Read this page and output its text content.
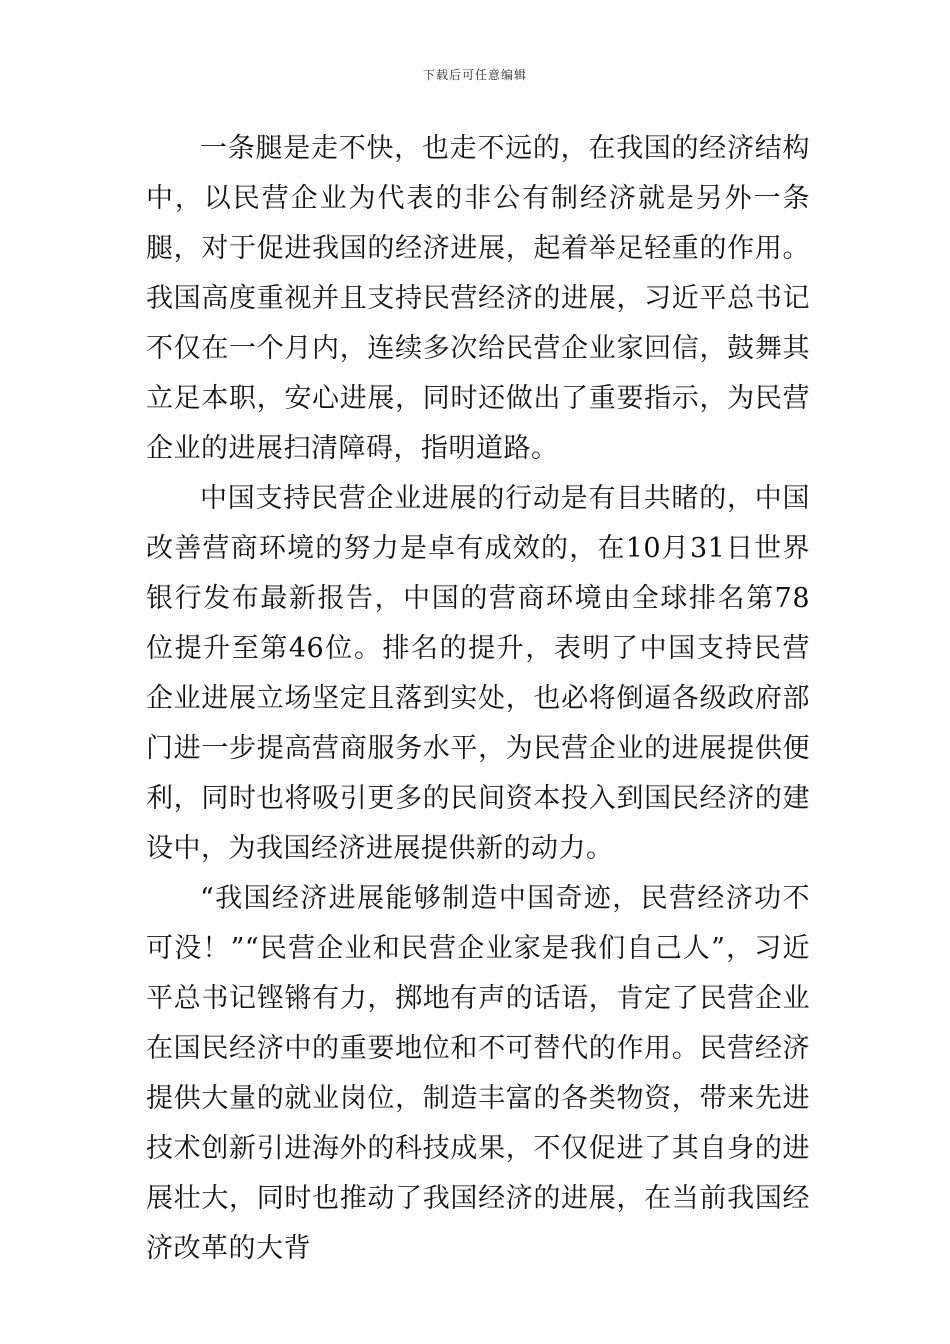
下载后可任意编辑

一条腿是走不快，也走不远的，在我国的经济结构中，以民营企业为代表的非公有制经济就是另外一条腿，对于促进我国的经济进展，起着举足轻重的作用。我国高度重视并且支持民营经济的进展，习近平总书记不仅在一个月内，连续多次给民营企业家回信，鼓舞其立足本职，安心进展，同时还做出了重要指示，为民营企业的进展扫清障碍，指明道路。

中国支持民营企业进展的行动是有目共睹的，中国改善营商环境的努力是卓有成效的，在10月31日世界银行发布最新报告，中国的营商环境由全球排名第78位提升至第46位。排名的提升，表明了中国支持民营企业进展立场坚定且落到实处，也必将倒逼各级政府部门进一步提高营商服务水平，为民营企业的进展提供便利，同时也将吸引更多的民间资本投入到国民经济的建设中，为我国经济进展提供新的动力。

“我国经济进展能够制造中国奇迹，民营经济功不可没！”“民营企业和民营企业家是我们自己人”，习近平总书记铿锵有力，掷地有声的话语，肯定了民营企业在国民经济中的重要地位和不可替代的作用。民营经济提供大量的就业岗位，制造丰富的各类物资，带来先进技术创新引进海外的科技成果，不仅促进了其自身的进展壮大，同时也推动了我国经济的进展，在当前我国经济改革的大背
